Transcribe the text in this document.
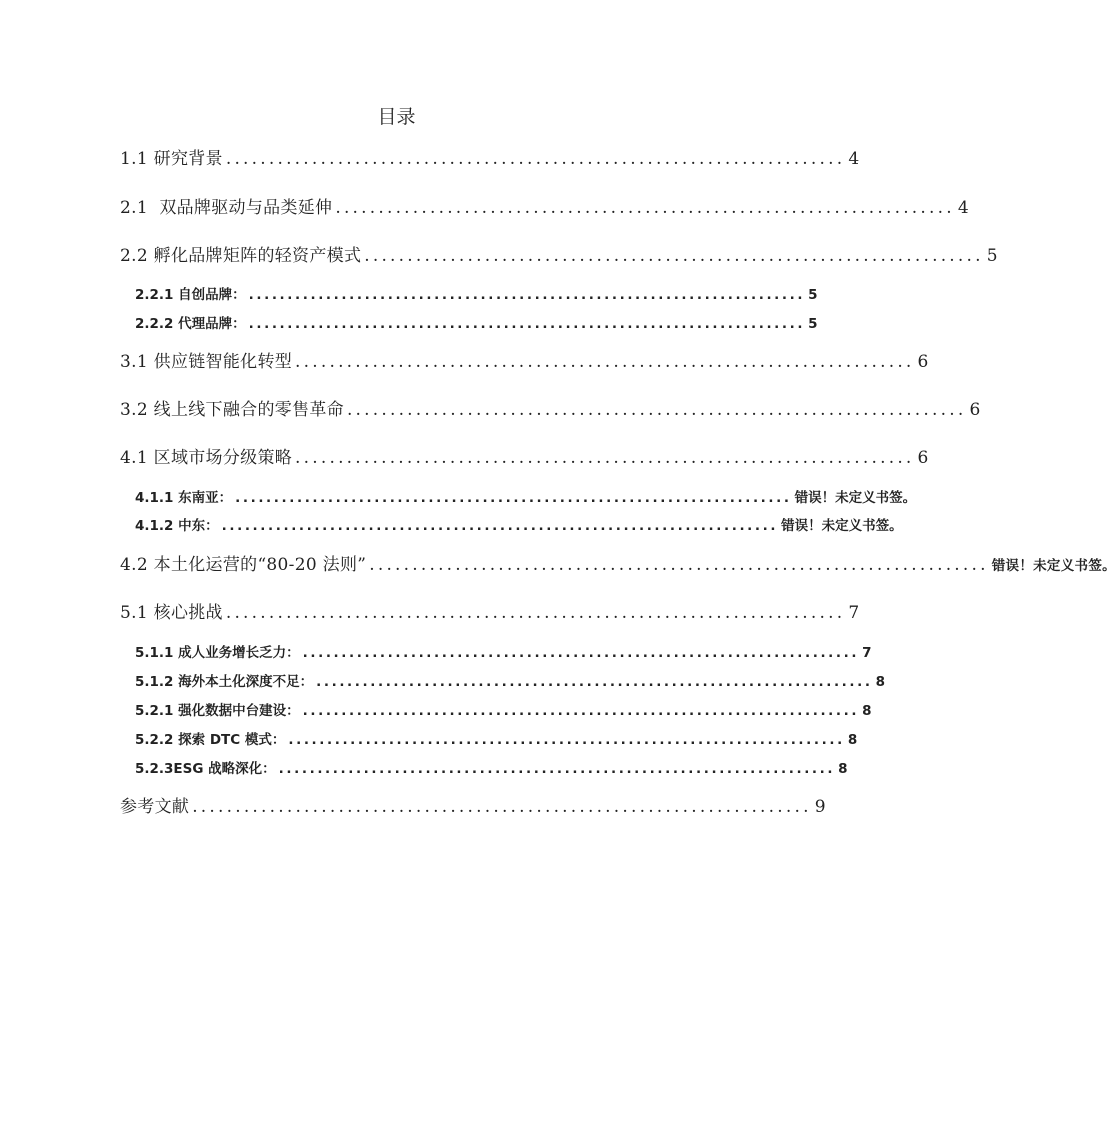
目录
1.1 研究背景 ........................................................................ 4
2.1  双品牌驱动与品类延伸 ........................................................................ 4
2.2 孵化品牌矩阵的轻资产模式 ........................................................................ 5
2.2.1 自创品牌： ........................................................................ 5
2.2.2 代理品牌： ........................................................................ 5
3.1 供应链智能化转型 ........................................................................ 6
3.2 线上线下融合的零售革命 ........................................................................ 6
4.1 区域市场分级策略 ........................................................................ 6
4.1.1 东南亚： ........................................................................ 错误！未定义书签。
4.1.2 中东： ........................................................................ 错误！未定义书签。
4.2 本土化运营的“80-20 法则” ........................................................................ 错误！未定义书签。
5.1 核心挑战 ........................................................................ 7
5.1.1 成人业务增长乏力： ........................................................................ 7
5.1.2 海外本土化深度不足： ........................................................................ 8
5.2.1 强化数据中台建设： ........................................................................ 8
5.2.2 探索 DTC 模式： ........................................................................ 8
5.2.3ESG 战略深化： ........................................................................ 8
参考文献 ........................................................................ 9
